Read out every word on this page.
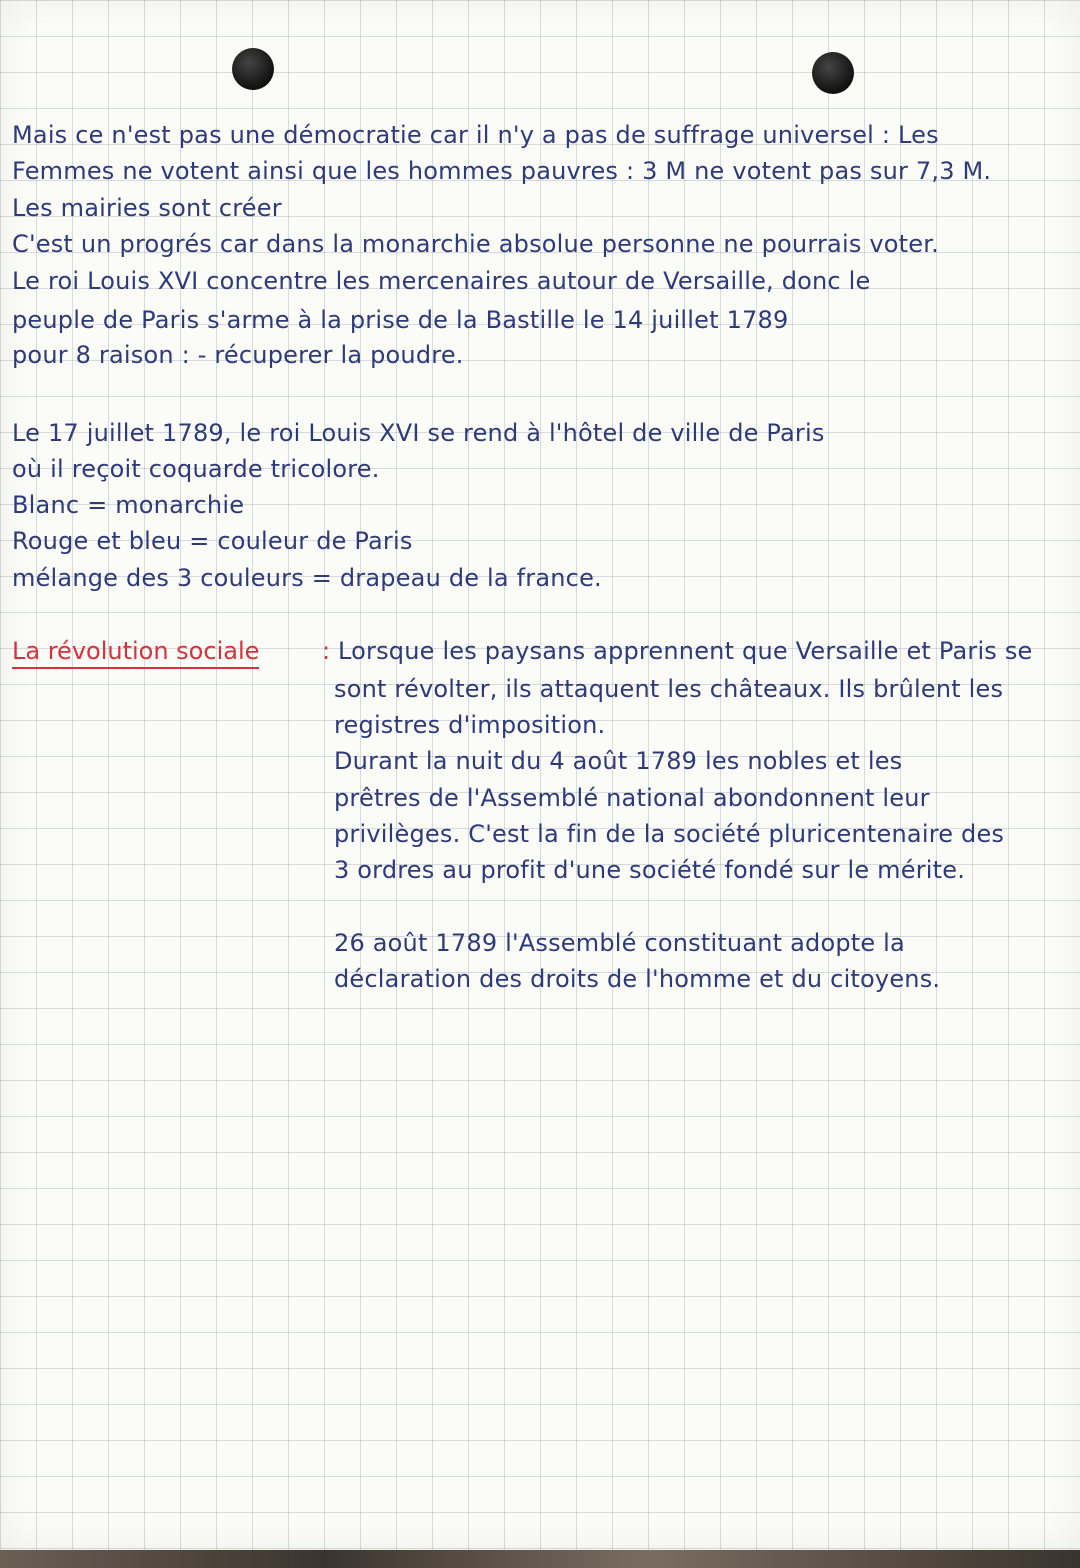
Mais ce n'est pas une démocratie car il n'y a pas de suffrage universel : Les

Femmes ne votent ainsi que les hommes pauvres : 3 M ne votent pas sur 7,3 M.

Les mairies sont créer

C'est un progrés car dans la monarchie absolue personne ne pourrais voter.

Le roi Louis XVI concentre les mercenaires autour de Versaille, donc le

peuple de Paris s'arme à la prise de la Bastille le 14 juillet 1789

pour 8 raison : - récuperer la poudre.

Le 17 juillet 1789, le roi Louis XVI se rend à l'hôtel de ville de Paris

où il reçoit coquarde tricolore.

Blanc = monarchie

Rouge et bleu = couleur de Paris

mélange des 3 couleurs = drapeau de la france.

La révolution sociale	: Lorsque les paysans apprennent que Versaille et Paris se

sont révolter, ils attaquent les châteaux. Ils brûlent les

registres d'imposition.

Durant la nuit du 4 août 1789 les nobles et les

prêtres de l'Assemblé national abondonnent leur

privilèges. C'est la fin de la société pluricentenaire des

3 ordres au profit d'une société fondé sur le mérite.

26 août 1789 l'Assemblé constituant adopte la

déclaration des droits de l'homme et du citoyens.
